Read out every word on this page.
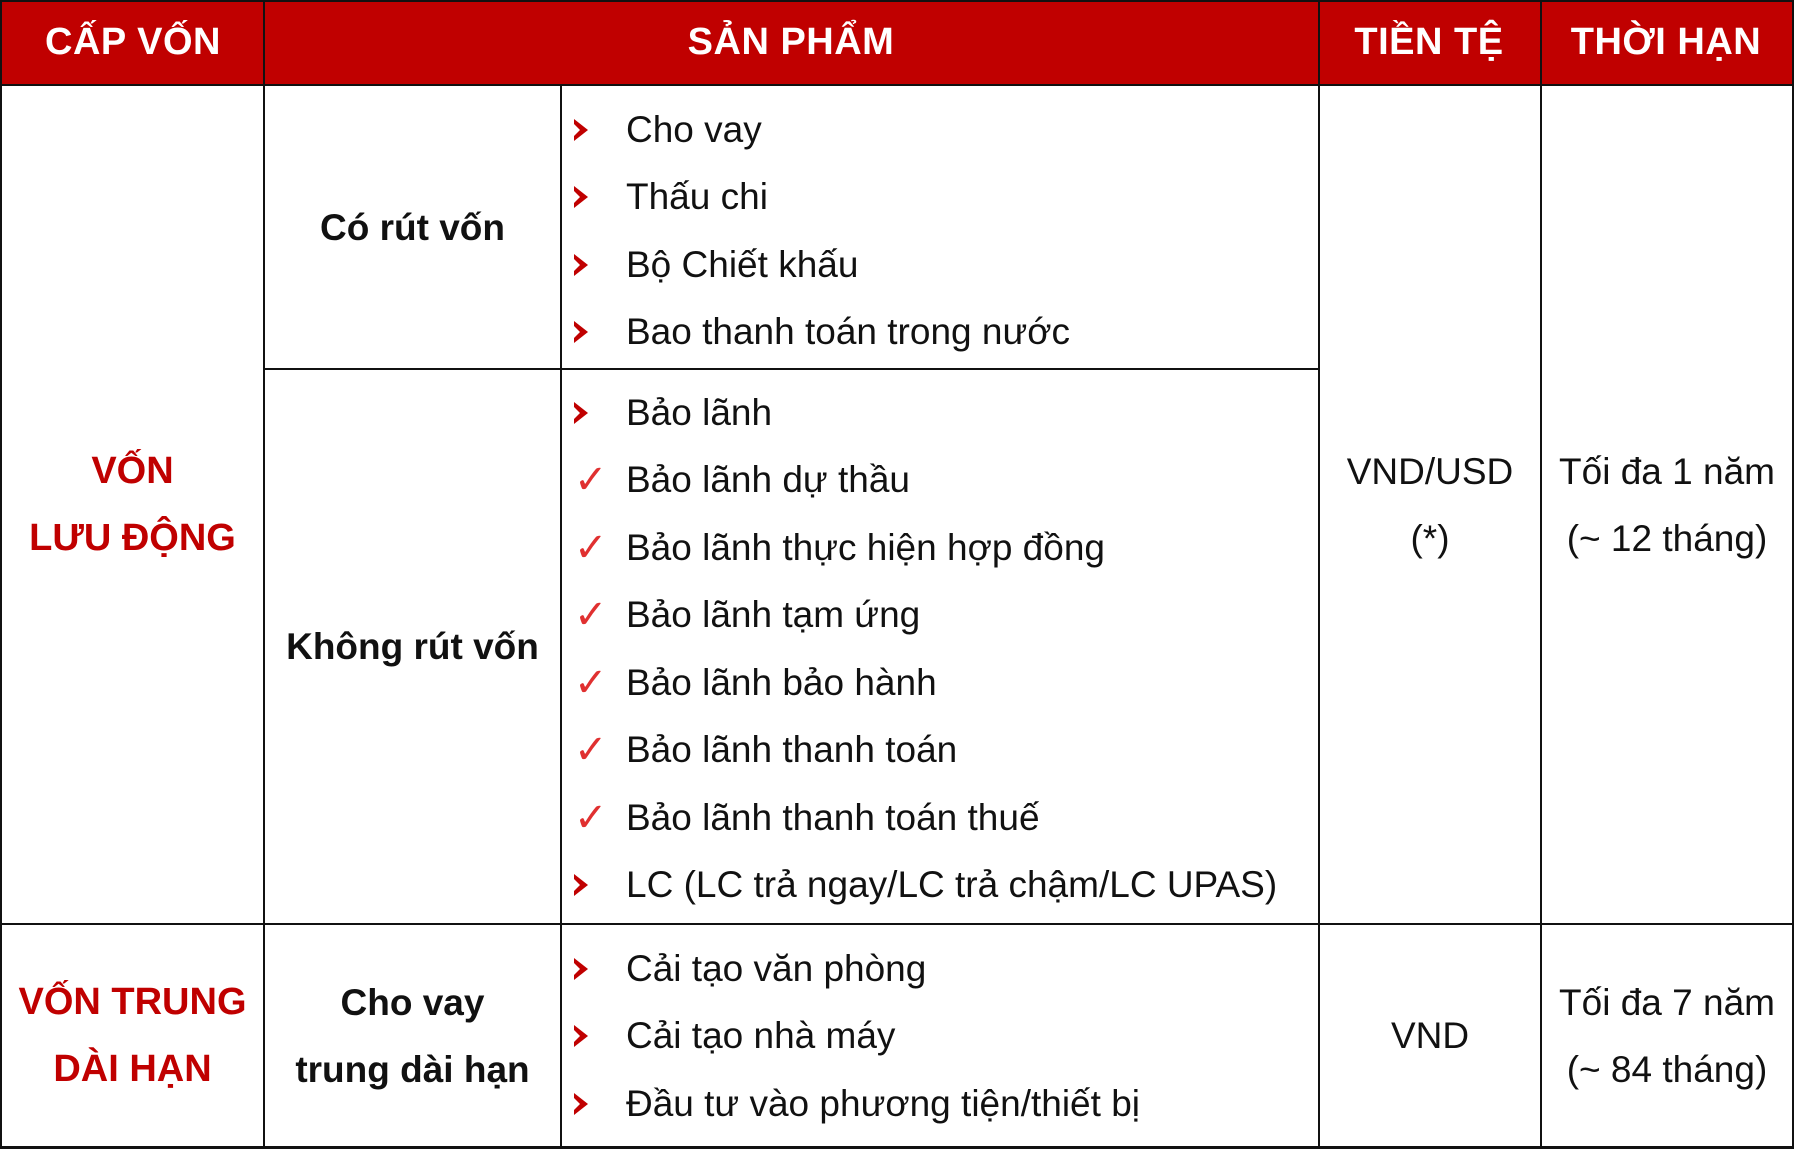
CẤP VỐN	SẢN PHẨM	TIỀN TỆ THỜI HẠN
VỐN
LƯU ĐỘNG
Có rút vốn
Không rút vốn
Cho vay
Thấu chi
Bộ Chiết khấu
Bao thanh toán trong nước
Bảo lãnh
✓ Bảo lãnh dự thầu
✓ Bảo lãnh thực hiện hợp đồng
✓ Bảo lãnh tạm ứng
✓ Bảo lãnh bảo hành
✓ Bảo lãnh thanh toán
✓ Bảo lãnh thanh toán thuế
LC (LC trả ngay/LC trả chậm/LC UPAS)
VND/USD
(*)
Tối đa 1 năm
(~ 12 tháng)
VỐN TRUNG
DÀI HẠN
Cho vay
trung dài hạn
Cải tạo văn phòng
Cải tạo nhà máy
Đầu tư vào phương tiện/thiết bị
VND
Tối đa 7 năm
(~ 84 tháng)
